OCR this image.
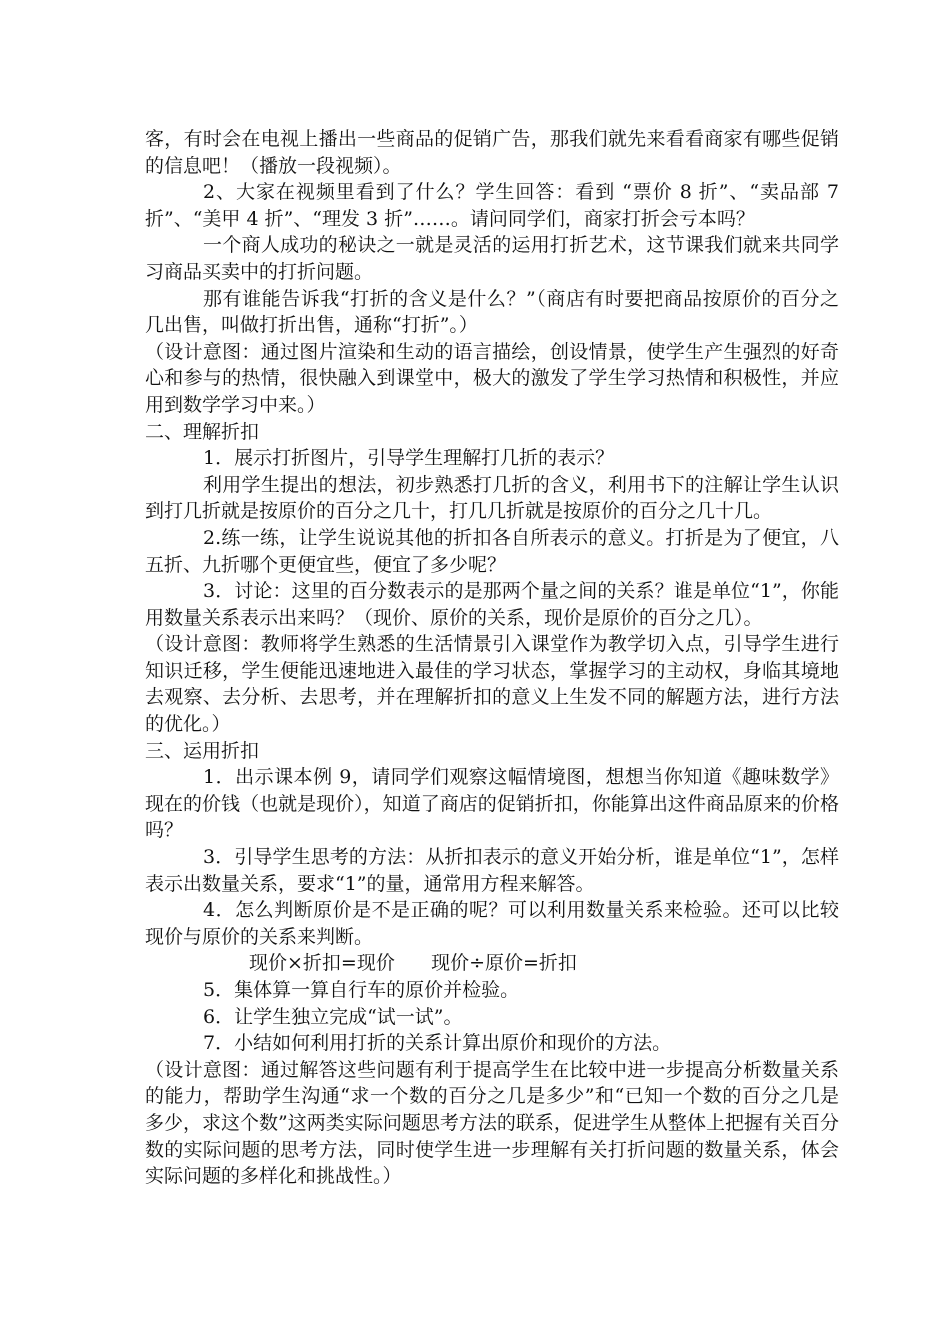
客，有时会在电视上播出一些商品的促销广告，那我们就先来看看商家有哪些促销的信息吧！（播放一段视频）。

2、大家在视频里看到了什么？学生回答：看到 “票价 8 折”、“卖品部 7 折”、“美甲 4 折”、“理发 3 折”……。请问同学们，商家打折会亏本吗？

一个商人成功的秘诀之一就是灵活的运用打折艺术，这节课我们就来共同学习商品买卖中的打折问题。

那有谁能告诉我“打折的含义是什么？”（商店有时要把商品按原价的百分之几出售，叫做打折出售，通称“打折”。）

（设计意图：通过图片渲染和生动的语言描绘，创设情景，使学生产生强烈的好奇心和参与的热情，很快融入到课堂中，极大的激发了学生学习热情和积极性，并应用到数学学习中来。）

二、理解折扣

1．展示打折图片，引导学生理解打几折的表示？

利用学生提出的想法，初步熟悉打几折的含义，利用书下的注解让学生认识到打几折就是按原价的百分之几十，打几几折就是按原价的百分之几十几。

2.练一练，让学生说说其他的折扣各自所表示的意义。打折是为了便宜，八五折、九折哪个更便宜些，便宜了多少呢？

3．讨论：这里的百分数表示的是那两个量之间的关系？谁是单位“1”，你能用数量关系表示出来吗？（现价、原价的关系，现价是原价的百分之几）。

（设计意图：教师将学生熟悉的生活情景引入课堂作为教学切入点，引导学生进行知识迁移，学生便能迅速地进入最佳的学习状态，掌握学习的主动权，身临其境地去观察、去分析、去思考，并在理解折扣的意义上生发不同的解题方法，进行方法的优化。）

三、运用折扣

1．出示课本例 9，请同学们观察这幅情境图，想想当你知道《趣味数学》现在的价钱（也就是现价），知道了商店的促销折扣，你能算出这件商品原来的价格吗？

3．引导学生思考的方法：从折扣表示的意义开始分析，谁是单位“1”，怎样表示出数量关系，要求“1”的量，通常用方程来解答。

4．怎么判断原价是不是正确的呢？可以利用数量关系来检验。还可以比较现价与原价的关系来判断。

现价×折扣=现价      现价÷原价=折扣

5．集体算一算自行车的原价并检验。

6．让学生独立完成“试一试”。

7．小结如何利用打折的关系计算出原价和现价的方法。

（设计意图：通过解答这些问题有利于提高学生在比较中进一步提高分析数量关系的能力，帮助学生沟通“求一个数的百分之几是多少”和“已知一个数的百分之几是多少，求这个数”这两类实际问题思考方法的联系，促进学生从整体上把握有关百分数的实际问题的思考方法，同时使学生进一步理解有关打折问题的数量关系，体会实际问题的多样化和挑战性。）
